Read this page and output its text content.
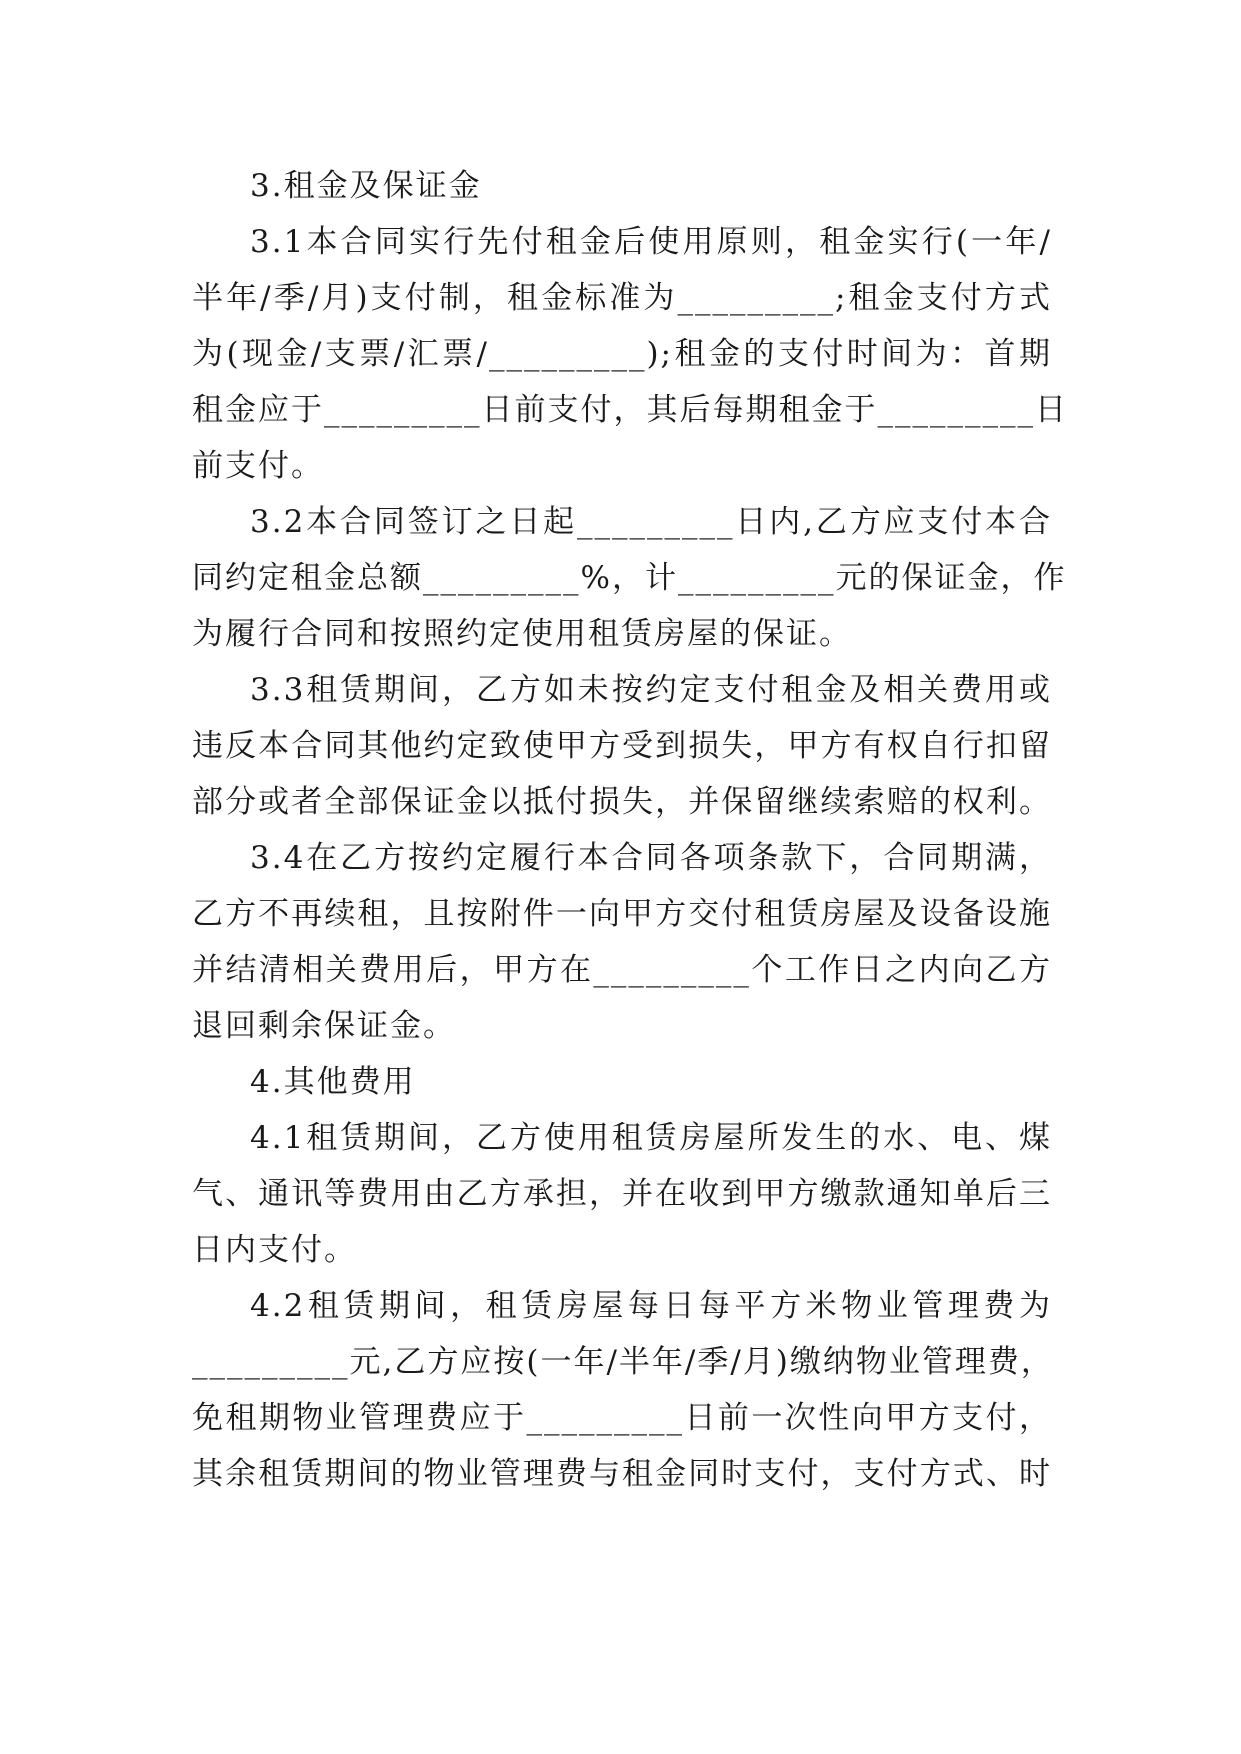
3.租金及保证金
3.1本合同实行先付租金后使用原则，租金实行(一年/
半年/季/月)支付制，租金标准为_________;租金支付方式
为(现金/支票/汇票/_________);租金的支付时间为：首期
租金应于_________日前支付，其后每期租金于_________日
前支付。
3.2本合同签订之日起_________日内,乙方应支付本合
同约定租金总额_________%，计_________元的保证金，作
为履行合同和按照约定使用租赁房屋的保证。
3.3租赁期间，乙方如未按约定支付租金及相关费用或
违反本合同其他约定致使甲方受到损失，甲方有权自行扣留
部分或者全部保证金以抵付损失，并保留继续索赔的权利。
3.4在乙方按约定履行本合同各项条款下，合同期满，
乙方不再续租，且按附件一向甲方交付租赁房屋及设备设施
并结清相关费用后，甲方在_________个工作日之内向乙方
退回剩余保证金。
4.其他费用
4.1租赁期间，乙方使用租赁房屋所发生的水、电、煤
气、通讯等费用由乙方承担，并在收到甲方缴款通知单后三
日内支付。
4.2租赁期间，租赁房屋每日每平方米物业管理费为
_________元,乙方应按(一年/半年/季/月)缴纳物业管理费，
免租期物业管理费应于_________日前一次性向甲方支付，
其余租赁期间的物业管理费与租金同时支付，支付方式、时
